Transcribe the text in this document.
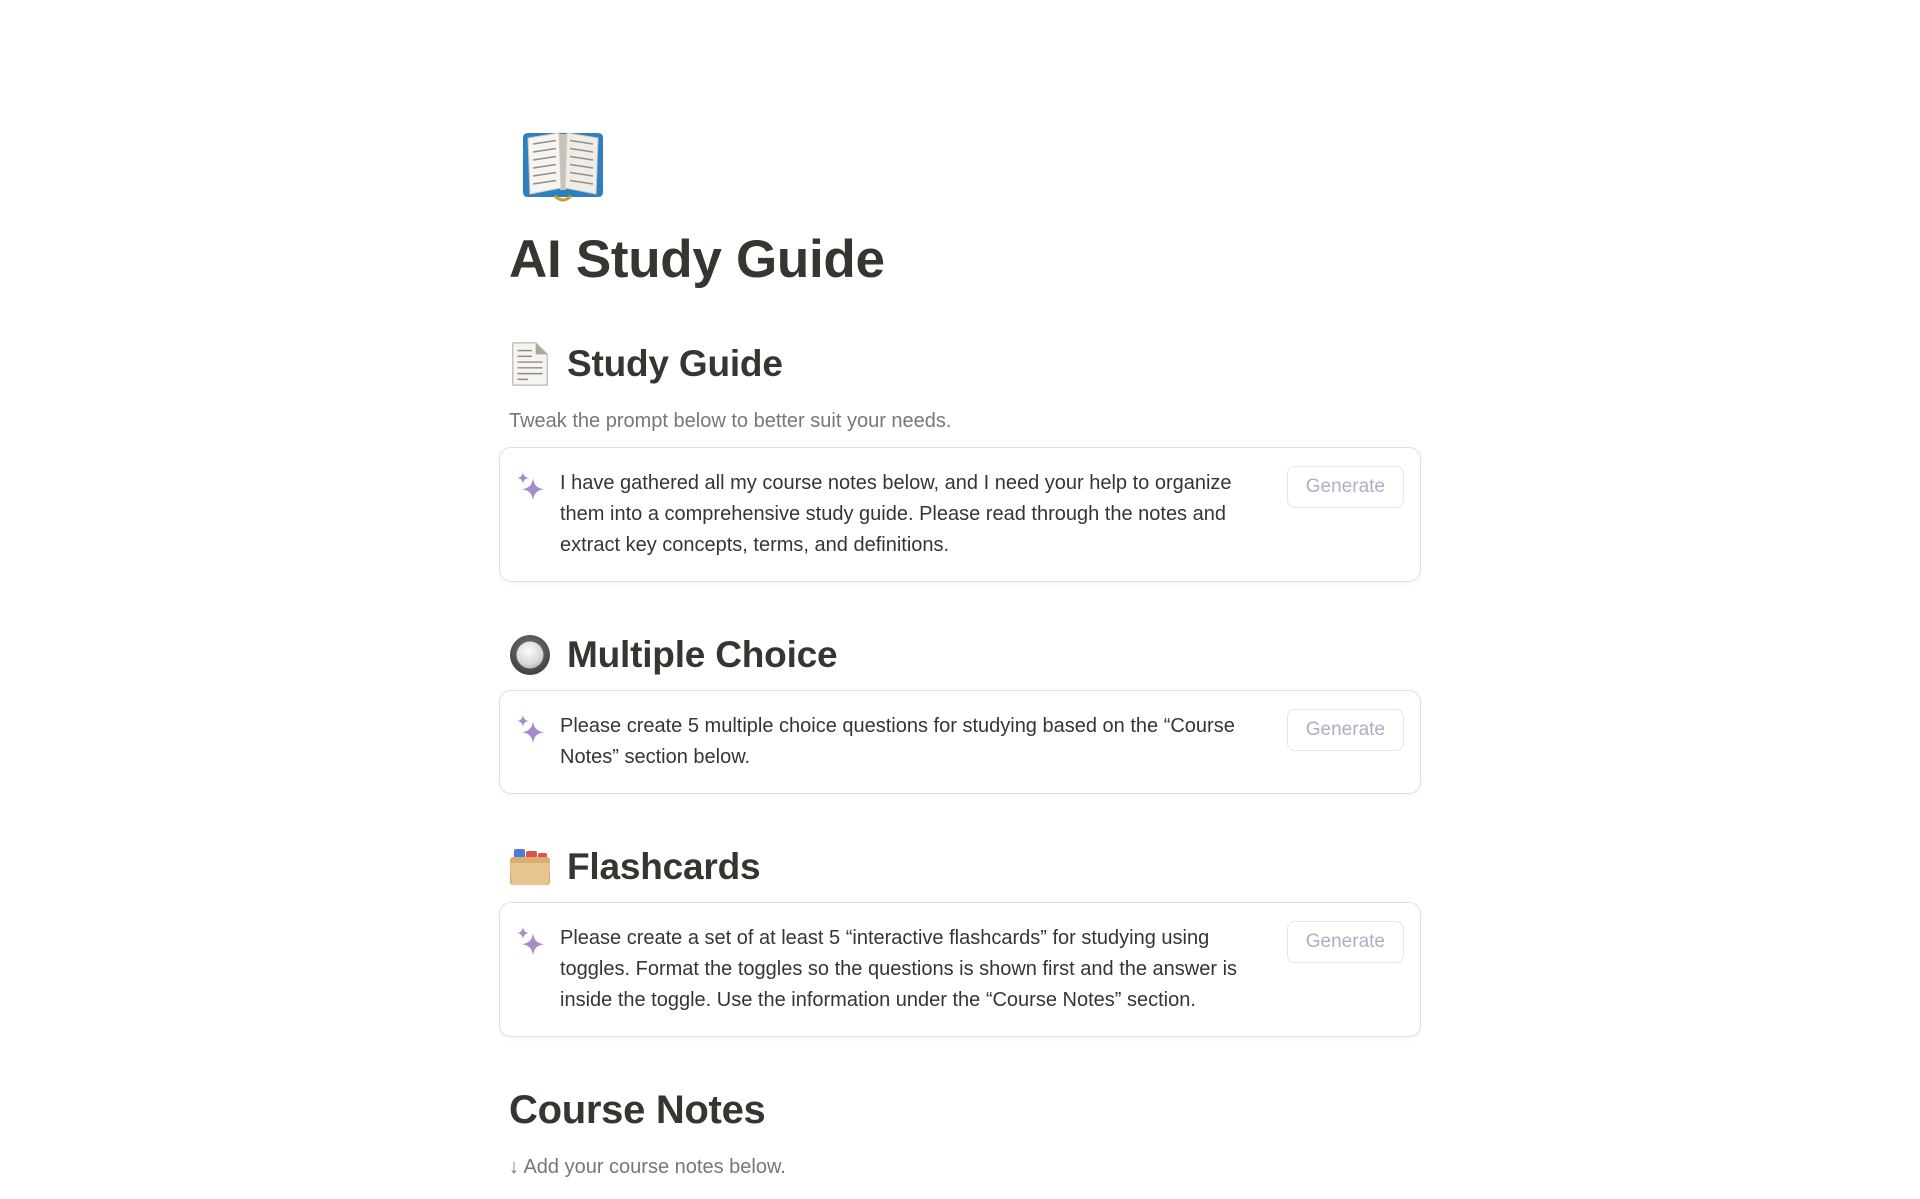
AI Study Guide
Study Guide

Tweak the prompt below to better suit your needs.

I have gathered all my course notes below, and I need your help to organize them into a comprehensive study guide. Please read through the notes and extract key concepts, terms, and definitions.
Generate
Multiple Choice
Please create 5 multiple choice questions for studying based on the “Course Notes” section below.
Generate
Flashcards
Please create a set of at least 5 “interactive flashcards” for studying using toggles. Format the toggles so the questions is shown first and the answer is inside the toggle. Use the information under the “Course Notes” section.
Generate
Course Notes

↓ Add your course notes below.
